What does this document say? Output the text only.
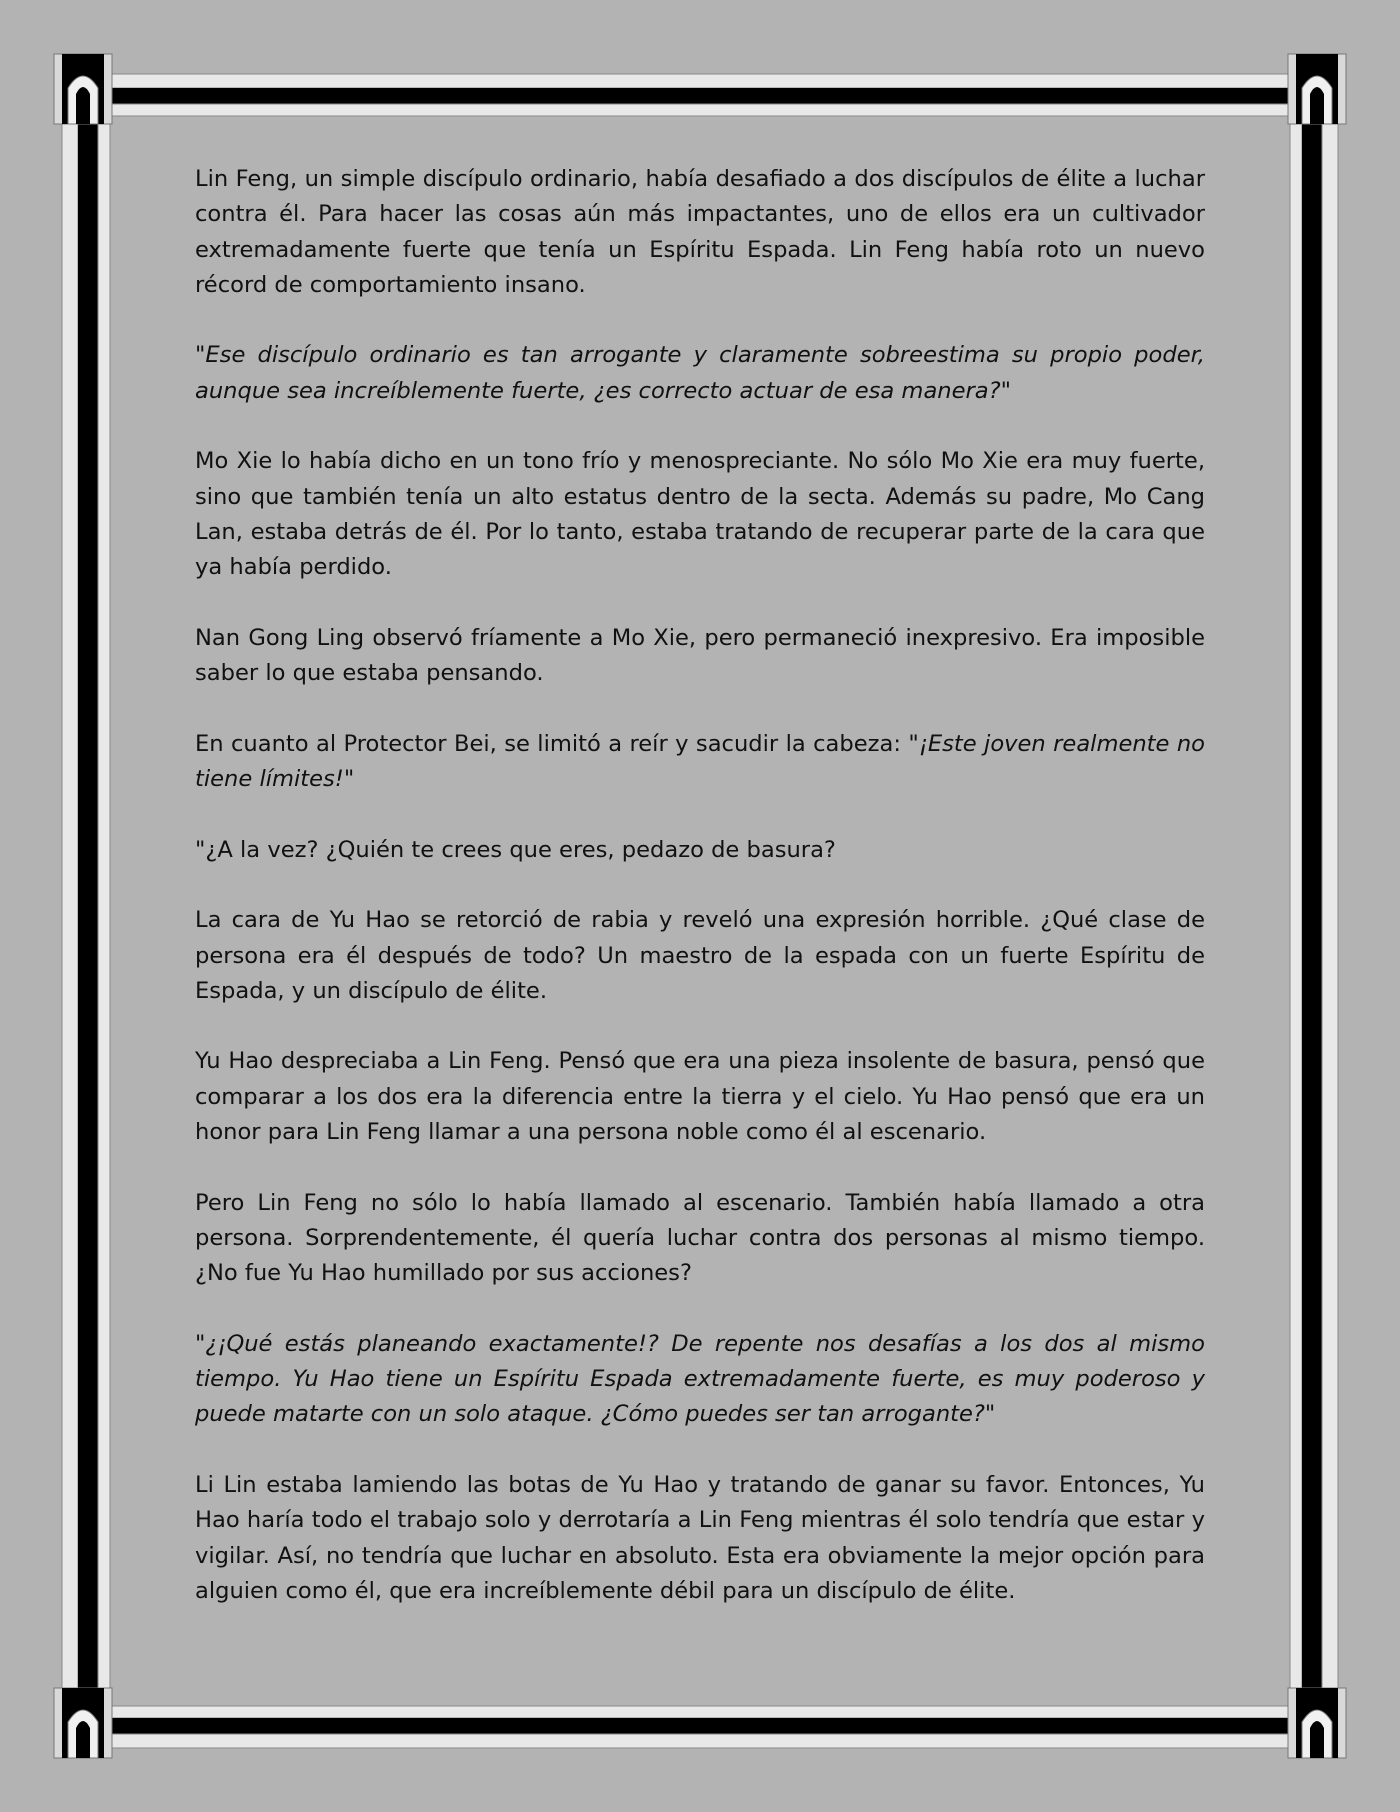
Lin Feng, un simple discípulo ordinario, había desafiado a dos discípulos de élite a luchar contra él. Para hacer las cosas aún más impactantes, uno de ellos era un cultivador extremadamente fuerte que tenía un Espíritu Espada. Lin Feng había roto un nuevo récord de comportamiento insano.

"Ese discípulo ordinario es tan arrogante y claramente sobreestima su propio poder, aunque sea increíblemente fuerte, ¿es correcto actuar de esa manera?"

Mo Xie lo había dicho en un tono frío y menospreciante. No sólo Mo Xie era muy fuerte, sino que también tenía un alto estatus dentro de la secta. Además su padre, Mo Cang Lan, estaba detrás de él. Por lo tanto, estaba tratando de recuperar parte de la cara que ya había perdido.

Nan Gong Ling observó fríamente a Mo Xie, pero permaneció inexpresivo. Era imposible saber lo que estaba pensando.

En cuanto al Protector Bei, se limitó a reír y sacudir la cabeza: "¡Este joven realmente no tiene límites!"

"¿A la vez? ¿Quién te crees que eres, pedazo de basura?

La cara de Yu Hao se retorció de rabia y reveló una expresión horrible. ¿Qué clase de persona era él después de todo? Un maestro de la espada con un fuerte Espíritu de Espada, y un discípulo de élite.

Yu Hao despreciaba a Lin Feng. Pensó que era una pieza insolente de basura, pensó que comparar a los dos era la diferencia entre la tierra y el cielo. Yu Hao pensó que era un honor para Lin Feng llamar a una persona noble como él al escenario.

Pero Lin Feng no sólo lo había llamado al escenario. También había llamado a otra persona. Sorprendentemente, él quería luchar contra dos personas al mismo tiempo. ¿No fue Yu Hao humillado por sus acciones?

"¿¡Qué estás planeando exactamente!? De repente nos desafías a los dos al mismo tiempo. Yu Hao tiene un Espíritu Espada extremadamente fuerte, es muy poderoso y puede matarte con un solo ataque. ¿Cómo puedes ser tan arrogante?"

Li Lin estaba lamiendo las botas de Yu Hao y tratando de ganar su favor. Entonces, Yu Hao haría todo el trabajo solo y derrotaría a Lin Feng mientras él solo tendría que estar y vigilar. Así, no tendría que luchar en absoluto. Esta era obviamente la mejor opción para alguien como él, que era increíblemente débil para un discípulo de élite.
